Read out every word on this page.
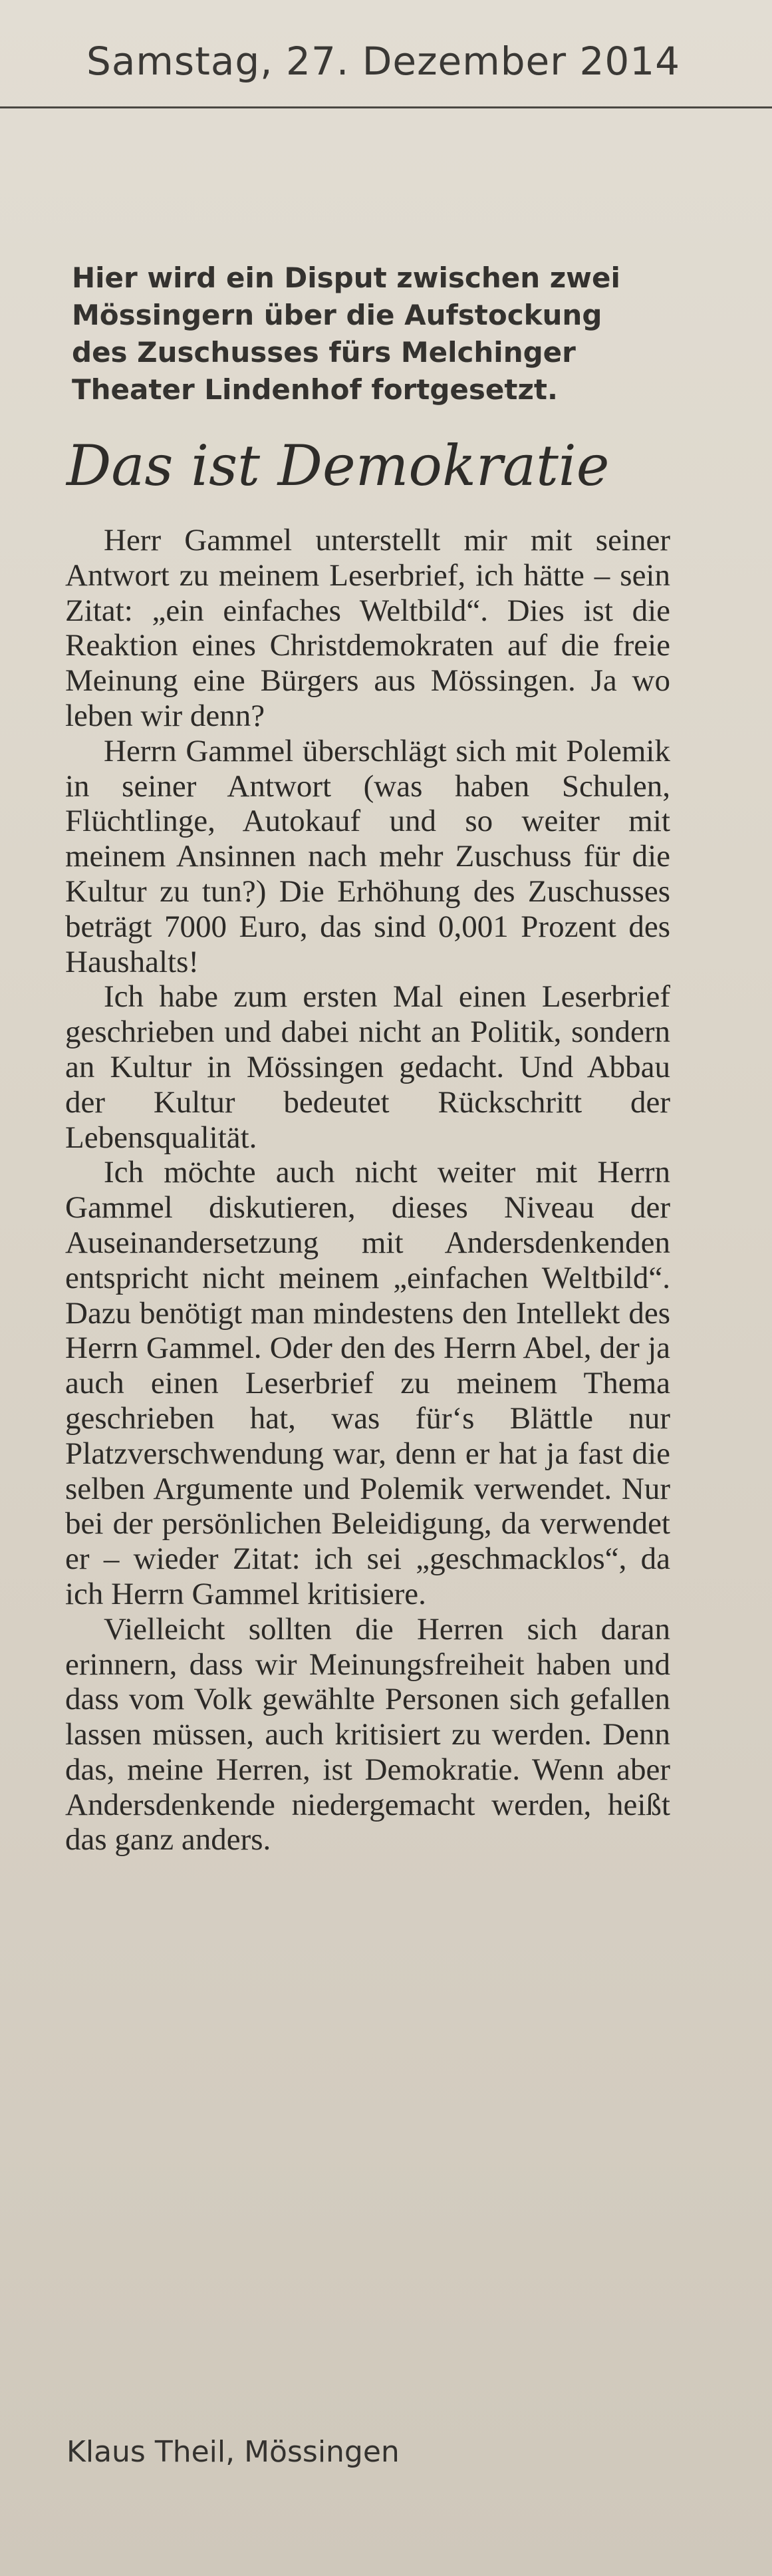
Samstag, 27. Dezember 2014
Hier wird ein Disput zwischen zwei Mössingern über die Aufstockung des Zuschusses fürs Melchinger Theater Lindenhof fortgesetzt.
Das ist Demokratie

Herr Gammel unterstellt mir mit seiner Antwort zu meinem Leserbrief, ich hätte – sein Zitat: „ein einfaches Weltbild“. Dies ist die Reaktion eines Christdemokraten auf die freie Meinung eine Bürgers aus Mössingen. Ja wo leben wir denn?

Herrn Gammel überschlägt sich mit Polemik in seiner Antwort (was haben Schulen, Flüchtlinge, Autokauf und so weiter mit meinem Ansinnen nach mehr Zuschuss für die Kultur zu tun?) Die Erhöhung des Zuschusses beträgt 7000 Euro, das sind 0,001 Prozent des Haushalts!

Ich habe zum ersten Mal einen Leserbrief geschrieben und dabei nicht an Politik, sondern an Kultur in Mössingen gedacht. Und Abbau der Kultur bedeutet Rückschritt der Lebensqualität.

Ich möchte auch nicht weiter mit Herrn Gammel diskutieren, dieses Niveau der Auseinandersetzung mit Andersdenkenden entspricht nicht meinem „einfachen Weltbild“. Dazu benötigt man mindestens den Intellekt des Herrn Gammel. Oder den des Herrn Abel, der ja auch einen Leserbrief zu meinem Thema geschrieben hat, was für‘s Blättle nur Platzverschwendung war, denn er hat ja fast die selben Argumente und Polemik verwendet. Nur bei der persönlichen Beleidigung, da verwendet er – wieder Zitat: ich sei „geschmacklos“, da ich Herrn Gammel kritisiere.

Vielleicht sollten die Herren sich daran erinnern, dass wir Meinungsfreiheit haben und dass vom Volk gewählte Personen sich gefallen lassen müssen, auch kritisiert zu werden. Denn das, meine Herren, ist Demokratie. Wenn aber Andersdenkende niedergemacht werden, heißt das ganz anders.

Klaus Theil, Mössingen
